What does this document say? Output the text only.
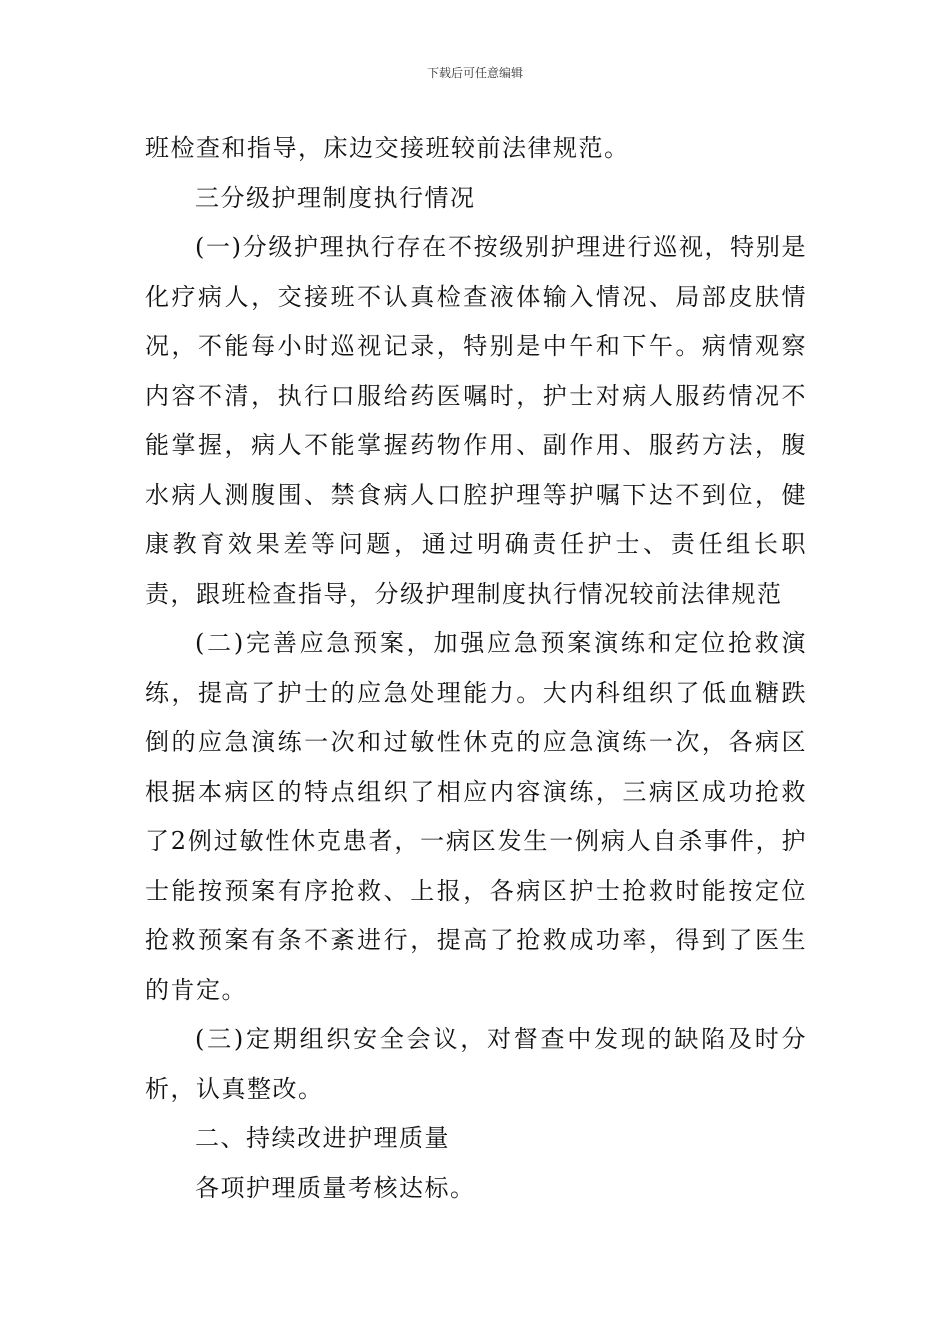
下载后可任意编辑

班检查和指导，床边交接班较前法律规范。

三分级护理制度执行情况

(一)分级护理执行存在不按级别护理进行巡视，特别是化疗病人，交接班不认真检查液体输入情况、局部皮肤情况，不能每小时巡视记录，特别是中午和下午。病情观察内容不清，执行口服给药医嘱时，护士对病人服药情况不能掌握，病人不能掌握药物作用、副作用、服药方法，腹水病人测腹围、禁食病人口腔护理等护嘱下达不到位，健康教育效果差等问题，通过明确责任护士、责任组长职责，跟班检查指导，分级护理制度执行情况较前法律规范

(二)完善应急预案，加强应急预案演练和定位抢救演练，提高了护士的应急处理能力。大内科组织了低血糖跌倒的应急演练一次和过敏性休克的应急演练一次，各病区根据本病区的特点组织了相应内容演练，三病区成功抢救了2例过敏性休克患者，一病区发生一例病人自杀事件，护士能按预案有序抢救、上报，各病区护士抢救时能按定位抢救预案有条不紊进行，提高了抢救成功率，得到了医生的肯定。

(三)定期组织安全会议，对督查中发现的缺陷及时分析，认真整改。

二、持续改进护理质量

各项护理质量考核达标。
